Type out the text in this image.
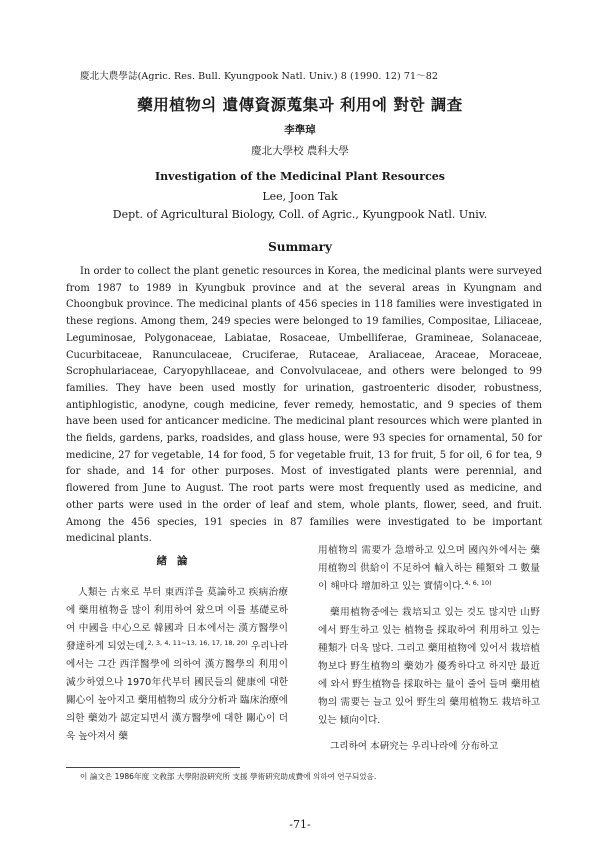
慶北大農學誌(Agric. Res. Bull. Kyungpook Natl. Univ.) 8 (1990. 12) 71～82
藥用植物의 遺傳資源蒐集과 利用에 對한 調査
李準琸
慶北大學校 農科大學
Investigation of the Medicinal Plant Resources
Lee, Joon Tak
Dept. of Agricultural Biology, Coll. of Agric., Kyungpook Natl. Univ.
Summary

In order to collect the plant genetic resources in Korea, the medicinal plants were surveyed from 1987 to 1989 in Kyungbuk province and at the several areas in Kyungnam and Choongbuk province. The medicinal plants of 456 species in 118 families were investigated in these regions. Among them, 249 species were belonged to 19 families, Compositae, Liliaceae, Leguminosae, Polygonaceae, Labiatae, Rosaceae, Umbelliferae, Gramineae, Solanaceae, Cucurbitaceae, Ranunculaceae, Cruciferae, Rutaceae, Araliaceae, Araceae, Moraceae, Scrophulariaceae, Caryopyhllaceae, and Convolvulaceae, and others were belonged to 99 families. They have been used mostly for urination, gastroenteric disoder, robustness, antiphlogistic, anodyne, cough medicine, fever remedy, hemostatic, and 9 species of them have been used for anticancer medicine. The medicinal plant resources which were planted in the fields, gardens, parks, roadsides, and glass house, were 93 species for ornamental, 50 for medicine, 27 for vegetable, 14 for food, 5 for vegetable fruit, 13 for fruit, 5 for oil, 6 for tea, 9 for shade, and 14 for other purposes. Most of investigated plants were perennial, and flowered from June to August. The root parts were most frequently used as medicine, and other parts were used in the order of leaf and stem, whole plants, flower, seed, and fruit. Among the 456 species, 191 species in 87 families were investigated to be important medicinal plants.

緖論

人類는 古來로 부터 東西洋을 莫論하고 疾病治療에 藥用植物을 많이 利用하여 왔으며 이를 基礎로하여 中國을 中心으로 韓國과 日本에서는 漢方醫學이 發達하게 되었는데,$^{2, 3, 4, 11\sim 13, 16, 17, 18, 20)}$ 우리나라에서는 그간 西洋醫學에 의하여 漢方醫學의 利用이 減少하였으나 1970年代부터 國民들의 健康에 대한 關心이 높아지고 藥用植物의 成分分析과 臨床治療에 의한 藥効가 認定되면서 漢方醫學에 대한 關心이 더욱 높아져서 藥

用植物의 需要가 急增하고 있으며 國內外에서는 藥用植物의 供給이 不足하여 輸入하는 種類와 그 數量이 해마다 增加하고 있는 實情이다.$^{4, 6, 10)}$

藥用植物중에는 栽培되고 있는 것도 많지만 山野에서 野生하고 있는 植物을 採取하여 利用하고 있는 種類가 더욱 많다. 그리고 藥用植物에 있어서 栽培植物보다 野生植物의 藥効가 優秀하다고 하지만 最近에 와서 野生植物을 採取하는 量이 줄어 들며 藥用植物의 需要는 늘고 있어 野生의 藥用植物도 栽培하고 있는 傾向이다.

그리하여 本硏究는 우리나라에 分布하고

이 論文은 1986年度 文敎部 大學附設硏究所 支援 學術硏究助成費에 의하여 연구되었음.
-71-
